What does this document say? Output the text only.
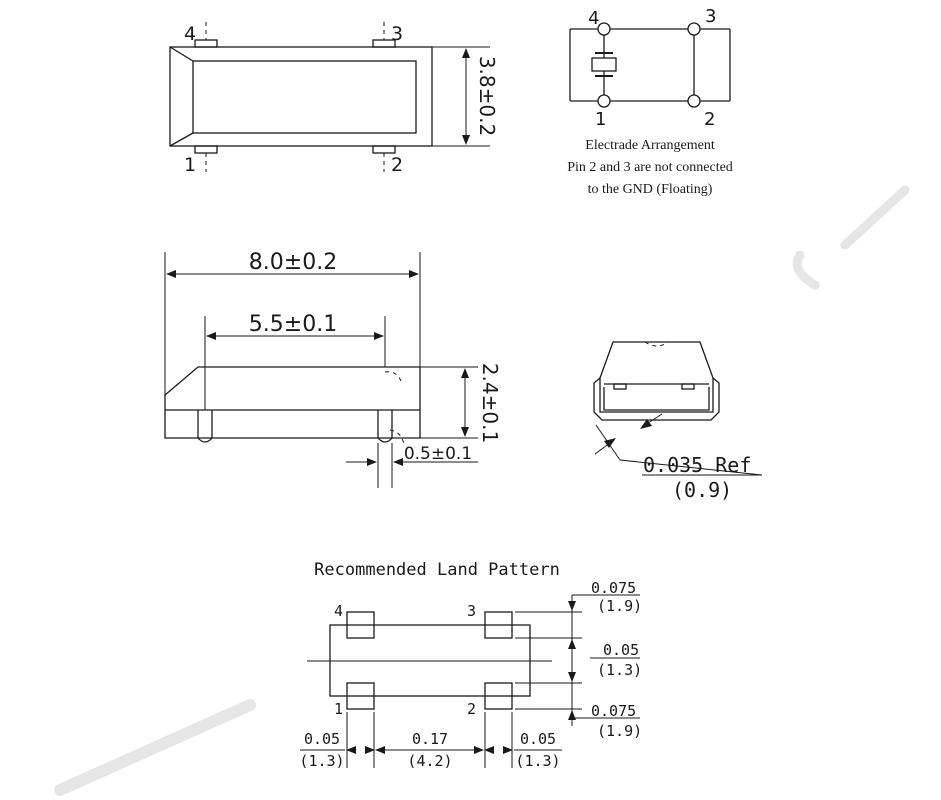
4	3
1	2
3.8±0.2
4	3
1	2
Electrade Arrangement
Pin 2 and 3 are not connected
to the GND (Floating)
8.0±0.2
5.5±0.1
2.4±0.1
0.5±0.1	0.035 Ref
(0.9)
Recommended Land Pattern
4	3
1	2
0.075
(1.9)
0.05
(1.3)
0.075
(1.9)
0.05
(1.3)
0.17
(4.2)
0.05
(1.3)
